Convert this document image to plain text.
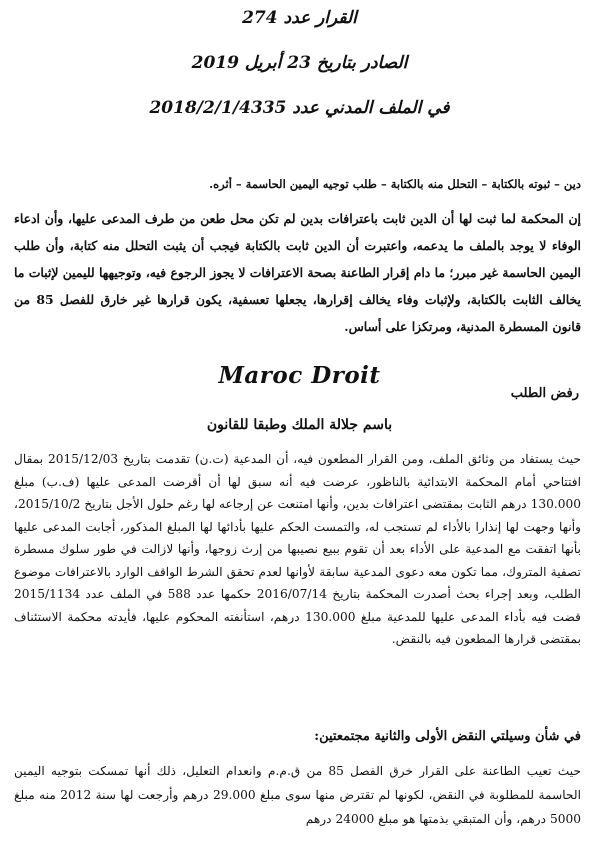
القرار عدد 274
الصادر بتاريخ 23 أبريل 2019
في الملف المدني عدد 2018/2/1/4335
دين – ثبوته بالكتابة – التحلل منه بالكتابة – طلب توجيه اليمين الحاسمة – أثره.
إن المحكمة لما ثبت لها أن الدين ثابت باعترافات بدين لم تكن محل طعن من طرف المدعى عليها، وأن ادعاء الوفاء لا يوجد بالملف ما يدعمه، واعتبرت أن الدين ثابت بالكتابة فيجب أن يثبت التحلل منه كتابة، وأن طلب اليمين الحاسمة غير مبرر؛ ما دام إقرار الطاعنة بصحة الاعترافات لا يجوز الرجوع فيه، وتوجيهها لليمين لإثبات ما يخالف الثابت بالكتابة، ولإثبات وفاء يخالف إقرارها، يجعلها تعسفية، يكون قرارها غير خارق للفصل 85 من قانون المسطرة المدنية، ومرتكزا على أساس.
Maroc Droit
رفض الطلب
باسم جلالة الملك وطبقا للقانون
حيث يستفاد من وثائق الملف، ومن القرار المطعون فيه، أن المدعية (ت.ن) تقدمت بتاريخ 2015/12/03 بمقال افتتاحي أمام المحكمة الابتدائية بالناظور، عرضت فيه أنه سبق لها أن أقرضت المدعى عليها (ف.ب) مبلغ 130.000 درهم الثابت بمقتضى اعترافات بدين، وأنها امتنعت عن إرجاعه لها رغم حلول الأجل بتاريخ 2015/10/2، وأنها وجهت لها إنذارا بالأداء لم تستجب له، والتمست الحكم عليها بأدائها لها المبلغ المذكور، أجابت المدعى عليها بأنها اتفقت مع المدعية على الأداء بعد أن تقوم ببيع نصيبها من إرث زوجها، وأنها لازالت في طور سلوك مسطرة تصفية المتروك، مما تكون معه دعوى المدعية سابقة لأوانها لعدم تحقق الشرط الواقف الوارد بالاعترافات موضوع الطلب، وبعد إجراء بحث أصدرت المحكمة بتاريخ 2016/07/14 حكمها عدد 588 في الملف عدد 2015/1134 قضت فيه بأداء المدعى عليها للمدعية مبلغ 130.000 درهم، استأنفته المحكوم عليها، فأيدته محكمة الاستئناف بمقتضى قرارها المطعون فيه بالنقض.
في شأن وسيلتي النقض الأولى والثانية مجتمعتين:
حيث تعيب الطاعنة على القرار خرق الفصل 85 من ق.م.م وانعدام التعليل، ذلك أنها تمسكت بتوجيه اليمين الحاسمة للمطلوبة في النقض، لكونها لم تقترض منها سوى مبلغ 29.000 درهم وأرجعت لها سنة 2012 منه مبلغ 5000 درهم، وأن المتبقي بذمتها هو مبلغ 24000 درهم
